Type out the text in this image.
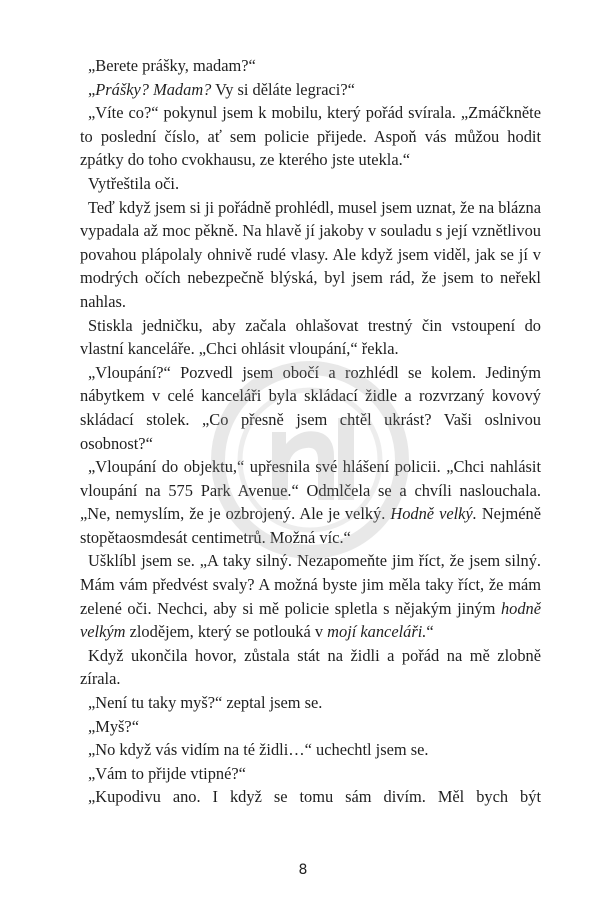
„Berete prášky, madam?“

„Prášky? Madam? Vy si děláte legraci?“

„Víte co?“ pokynul jsem k mobilu, který pořád svírala. „Zmáčkněte to poslední číslo, ať sem policie přijede. Aspoň vás můžou hodit zpátky do toho cvokhausu, ze kterého jste utekla.“

Vytřeštila oči.

Teď když jsem si ji pořádně prohlédl, musel jsem uznat, že na blázna vypadala až moc pěkně. Na hlavě jí jakoby v souladu s její vznětlivou povahou plápolaly ohnivě rudé vlasy. Ale když jsem viděl, jak se jí v modrých očích nebezpečně blýská, byl jsem rád, že jsem to neřekl nahlas.

Stiskla jedničku, aby začala ohlašovat trestný čin vstoupení do vlastní kanceláře. „Chci ohlásit vloupání,“ řekla.

„Vloupání?“ Pozvedl jsem obočí a rozhlédl se kolem. Jediným nábytkem v celé kanceláři byla skládací židle a rozvrzaný kovový skládací stolek. „Co přesně jsem chtěl ukrást? Vaši oslnivou osobnost?“

„Vloupání do objektu,“ upřesnila své hlášení policii. „Chci nahlásit vloupání na 575 Park Avenue.“ Odmlčela se a chvíli naslouchala. „Ne, nemyslím, že je ozbrojený. Ale je velký. Hodně velký. Nejméně stopětaosmdesát centimetrů. Možná víc.“

Ušklíbl jsem se. „A taky silný. Nezapomeňte jim říct, že jsem silný. Mám vám předvést svaly? A možná byste jim měla taky říct, že mám zelené oči. Nechci, aby si mě policie spletla s nějakým jiným hodně velkým zlodějem, který se potlouká v mojí kanceláři.“

Když ukončila hovor, zůstala stát na židli a pořád na mě zlobně zírala.

„Není tu taky myš?“ zeptal jsem se.

„Myš?“

„No když vás vidím na té židli…“ uchechtl jsem se.

„Vám to přijde vtipné?“

„Kupodivu ano. I když se tomu sám divím. Měl bych být

8
